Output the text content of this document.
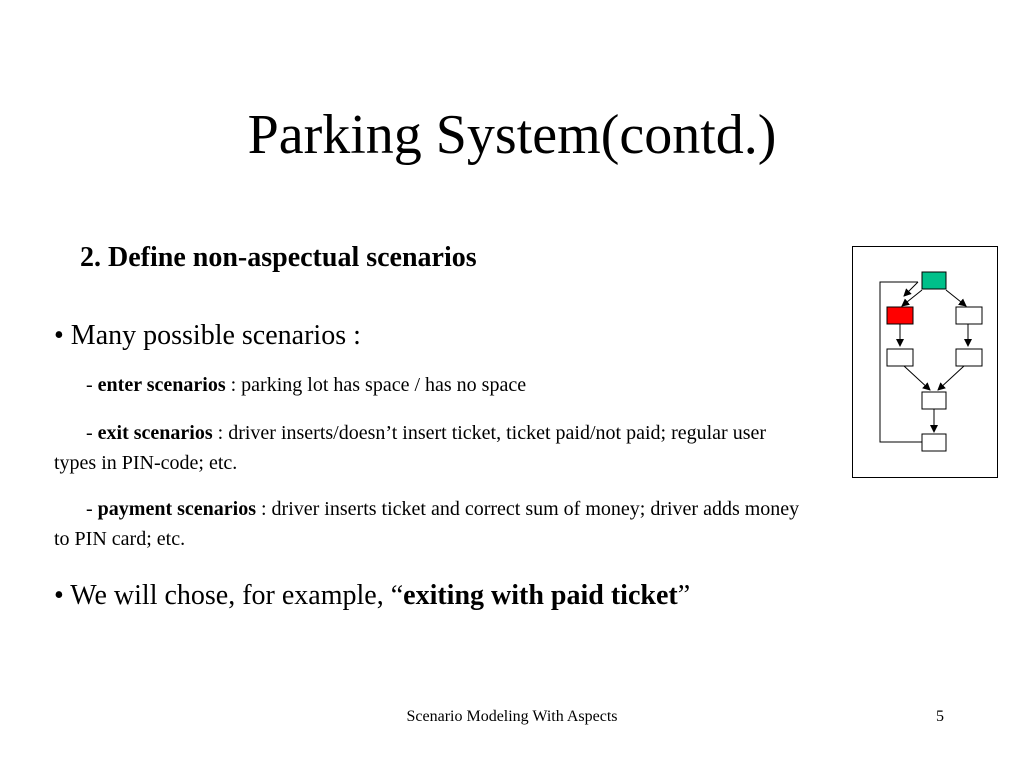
Parking System(contd.)
2. Define non-aspectual scenarios
• Many possible scenarios :
- enter scenarios : parking lot has space / has no space
- exit scenarios : driver inserts/doesn’t insert ticket, ticket paid/not paid; regular user types in PIN-code; etc.
- payment scenarios : driver inserts ticket and correct sum of money; driver adds money to PIN card; etc.
• We will chose, for example, “exiting with paid ticket”
Scenario Modeling With Aspects	5
